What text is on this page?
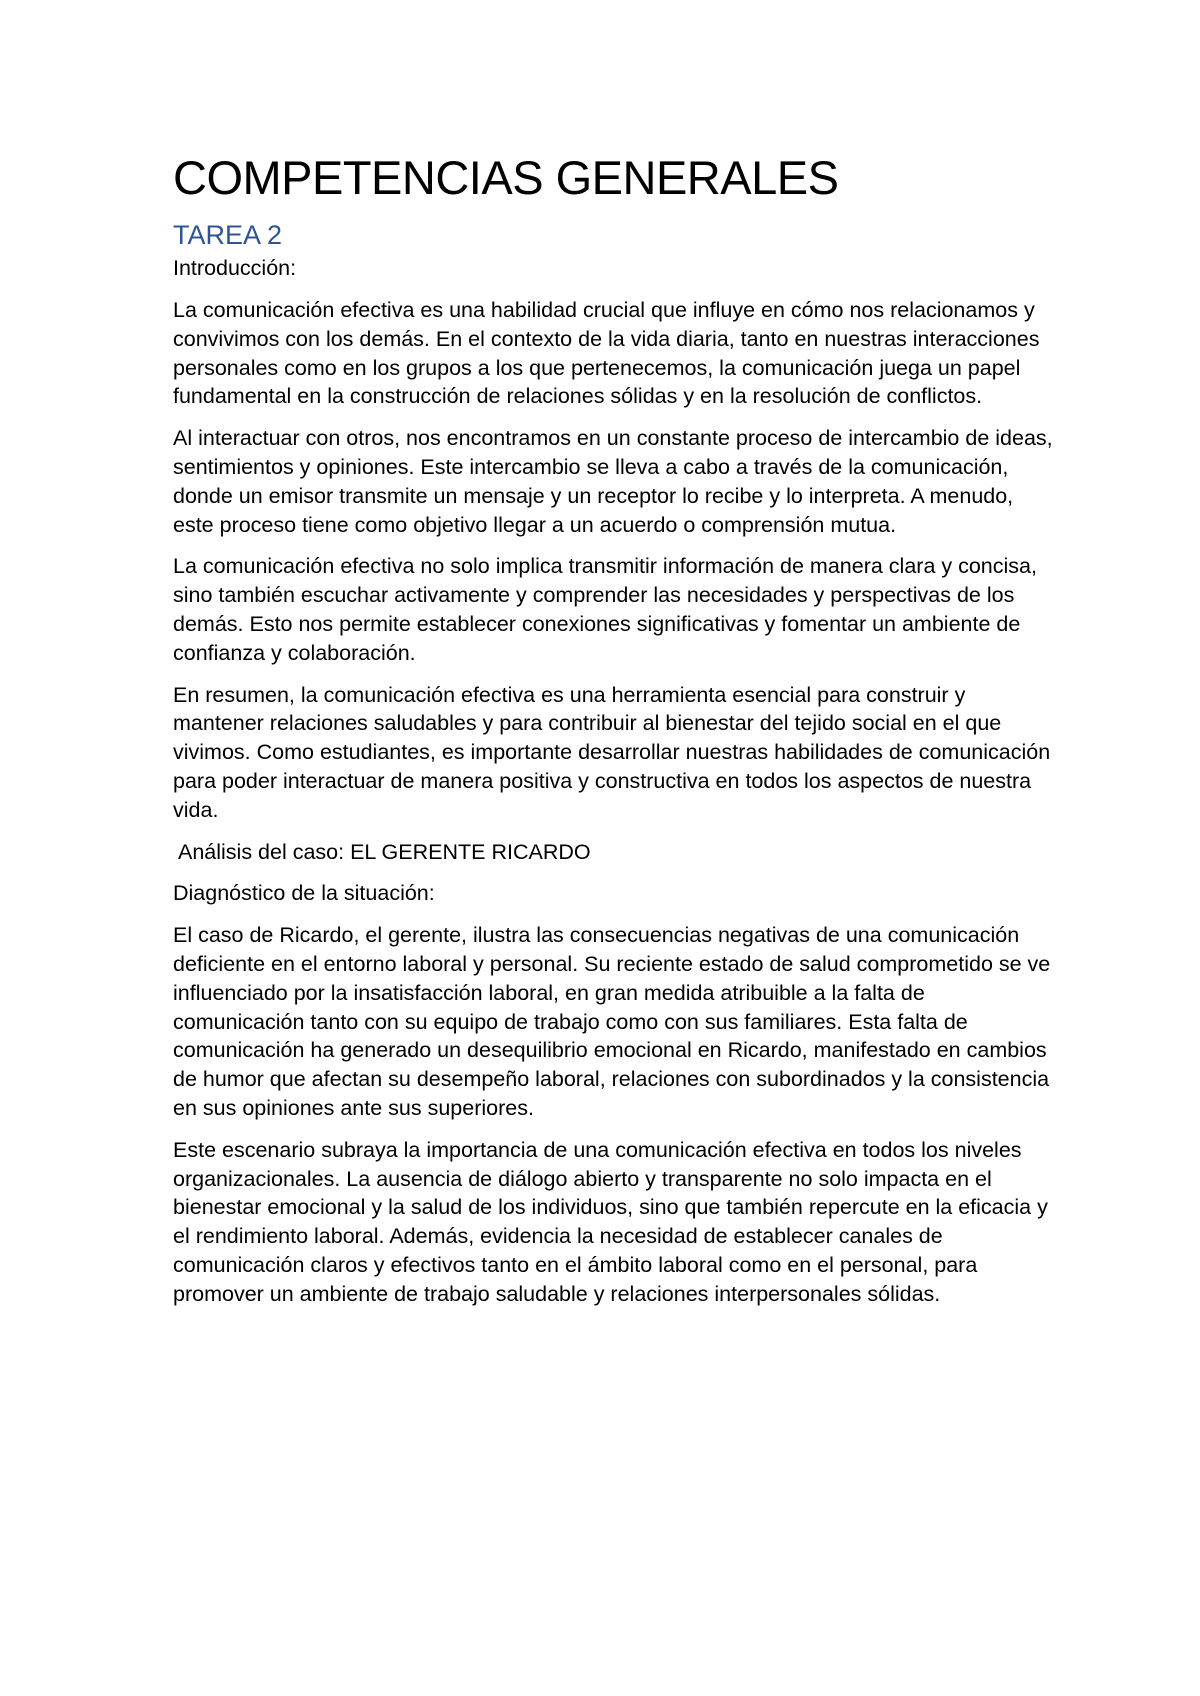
COMPETENCIAS GENERALES
TAREA 2

Introducción:

La comunicación efectiva es una habilidad crucial que influye en cómo nos relacionamos y convivimos con los demás. En el contexto de la vida diaria, tanto en nuestras interacciones personales como en los grupos a los que pertenecemos, la comunicación juega un papel fundamental en la construcción de relaciones sólidas y en la resolución de conflictos.

Al interactuar con otros, nos encontramos en un constante proceso de intercambio de ideas, sentimientos y opiniones. Este intercambio se lleva a cabo a través de la comunicación, donde un emisor transmite un mensaje y un receptor lo recibe y lo interpreta. A menudo, este proceso tiene como objetivo llegar a un acuerdo o comprensión mutua.

La comunicación efectiva no solo implica transmitir información de manera clara y concisa, sino también escuchar activamente y comprender las necesidades y perspectivas de los demás. Esto nos permite establecer conexiones significativas y fomentar un ambiente de confianza y colaboración.

En resumen, la comunicación efectiva es una herramienta esencial para construir y mantener relaciones saludables y para contribuir al bienestar del tejido social en el que vivimos. Como estudiantes, es importante desarrollar nuestras habilidades de comunicación para poder interactuar de manera positiva y constructiva en todos los aspectos de nuestra vida.

Análisis del caso: EL GERENTE RICARDO

Diagnóstico de la situación:

El caso de Ricardo, el gerente, ilustra las consecuencias negativas de una comunicación deficiente en el entorno laboral y personal. Su reciente estado de salud comprometido se ve influenciado por la insatisfacción laboral, en gran medida atribuible a la falta de comunicación tanto con su equipo de trabajo como con sus familiares. Esta falta de comunicación ha generado un desequilibrio emocional en Ricardo, manifestado en cambios de humor que afectan su desempeño laboral, relaciones con subordinados y la consistencia en sus opiniones ante sus superiores.

Este escenario subraya la importancia de una comunicación efectiva en todos los niveles organizacionales. La ausencia de diálogo abierto y transparente no solo impacta en el bienestar emocional y la salud de los individuos, sino que también repercute en la eficacia y el rendimiento laboral. Además, evidencia la necesidad de establecer canales de comunicación claros y efectivos tanto en el ámbito laboral como en el personal, para promover un ambiente de trabajo saludable y relaciones interpersonales sólidas.
